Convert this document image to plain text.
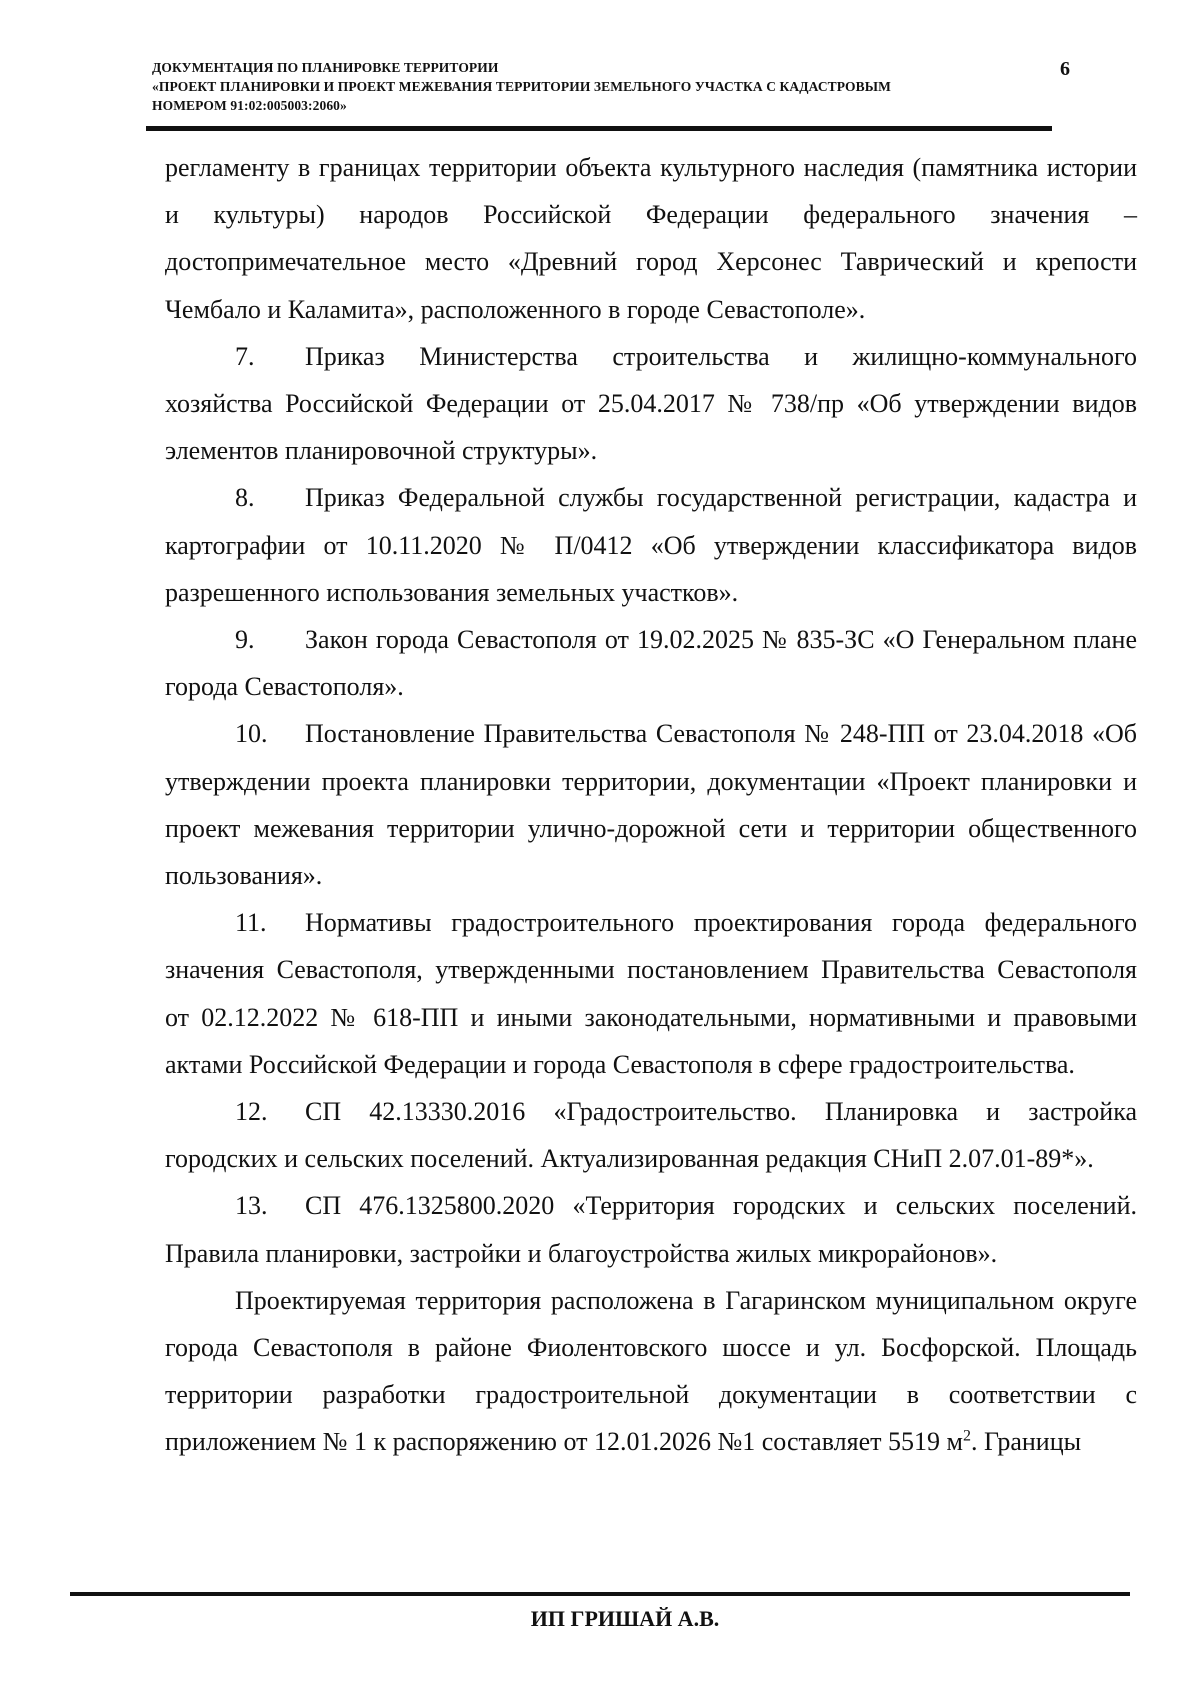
ДОКУМЕНТАЦИЯ ПО ПЛАНИРОВКЕ ТЕРРИТОРИИ
«ПРОЕКТ ПЛАНИРОВКИ И ПРОЕКТ МЕЖЕВАНИЯ ТЕРРИТОРИИ ЗЕМЕЛЬНОГО УЧАСТКА С КАДАСТРОВЫМ
НОМЕРОМ 91:02:005003:2060»
6

регламенту в границах территории объекта культурного наследия (памятника истории и культуры) народов Российской Федерации федерального значения – достопримечательное место «Древний город Херсонес Таврический и крепости Чембало и Каламита», расположенного в городе Севастополе».

7. Приказ Министерства строительства и жилищно-коммунального хозяйства Российской Федерации от 25.04.2017 № 738/пр «Об утверждении видов элементов планировочной структуры».

8. Приказ Федеральной службы государственной регистрации, кадастра и картографии от 10.11.2020 № П/0412 «Об утверждении классификатора видов разрешенного использования земельных участков».

9. Закон города Севастополя от 19.02.2025 № 835-ЗС «О Генеральном плане города Севастополя».

10. Постановление Правительства Севастополя № 248-ПП от 23.04.2018 «Об утверждении проекта планировки территории, документации «Проект планировки и проект межевания территории улично-дорожной сети и территории общественного пользования».

11. Нормативы градостроительного проектирования города федерального значения Севастополя, утвержденными постановлением Правительства Севастополя от 02.12.2022 № 618-ПП и иными законодательными, нормативными и правовыми актами Российской Федерации и города Севастополя в сфере градостроительства.

12. СП 42.13330.2016 «Градостроительство. Планировка и застройка городских и сельских поселений. Актуализированная редакция СНиП 2.07.01-89*».

13. СП 476.1325800.2020 «Территория городских и сельских поселений. Правила планировки, застройки и благоустройства жилых микрорайонов».

Проектируемая территория расположена в Гагаринском муниципальном округе города Севастополя в районе Фиолентовского шоссе и ул. Босфорской. Площадь территории разработки градостроительной документации в соответствии с приложением № 1 к распоряжению от 12.01.2026 №1 составляет 5519 $м^2$. Границы

ИП ГРИШАЙ А.В.
